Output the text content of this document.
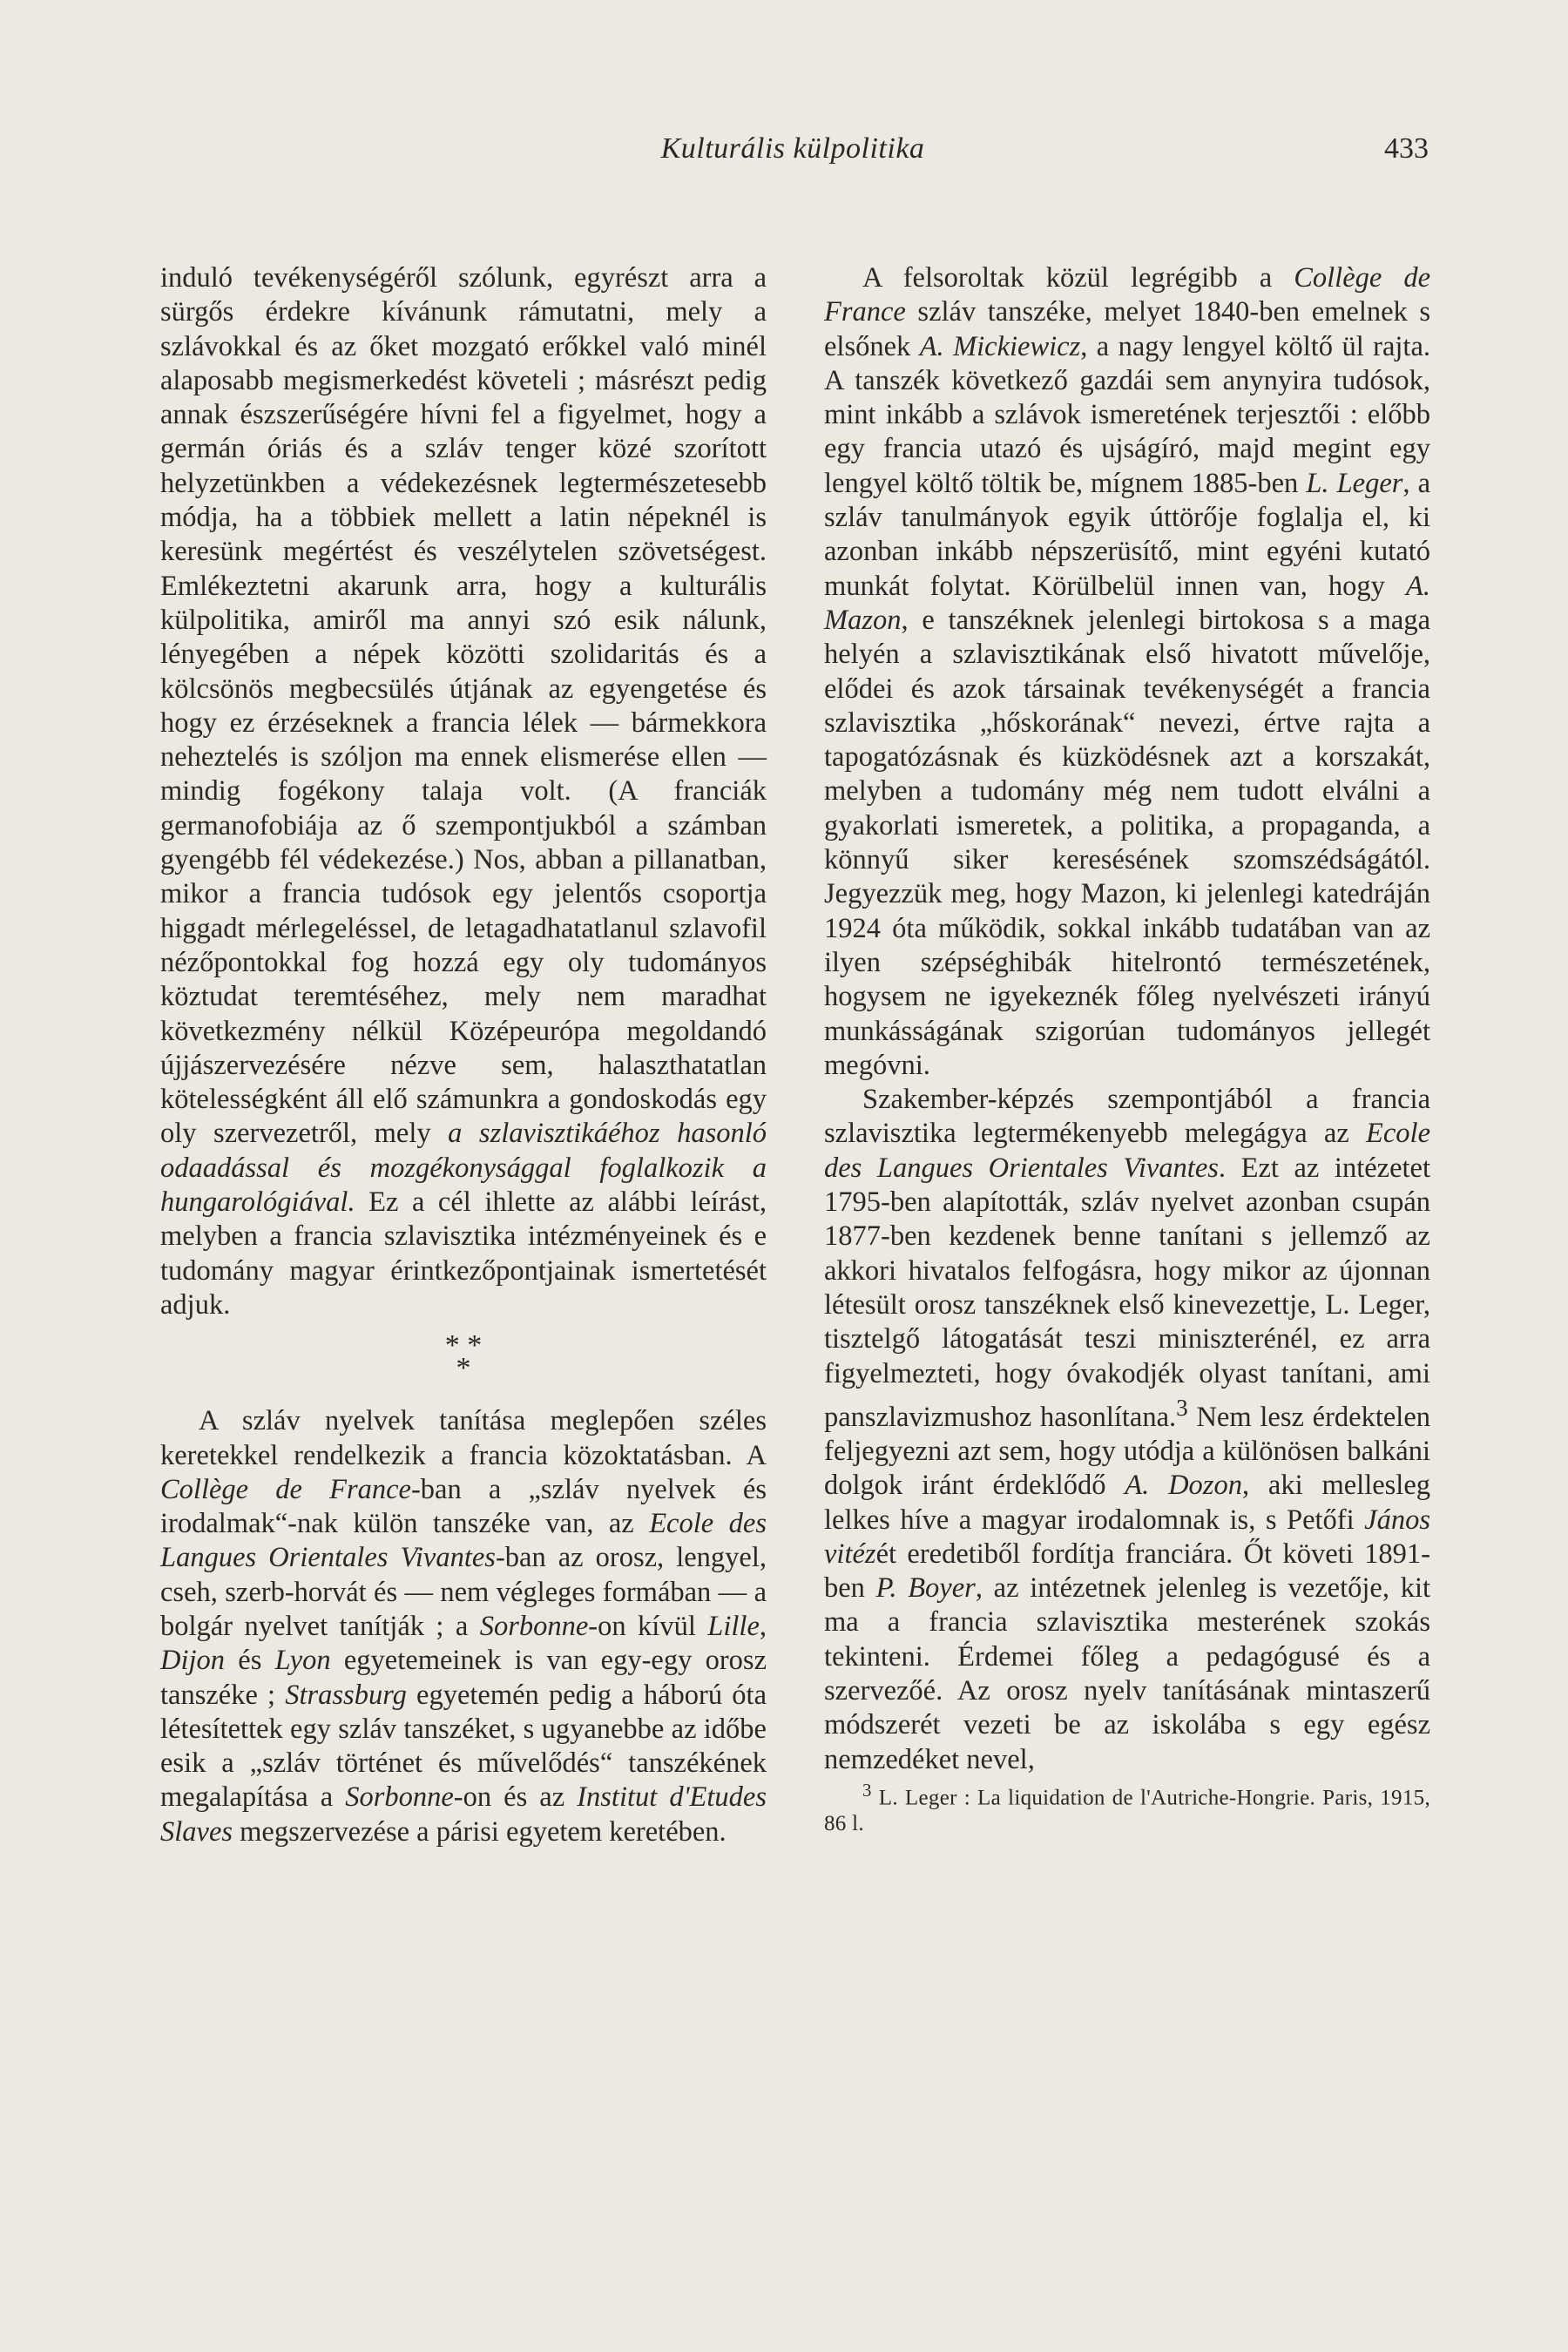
Kulturális külpolitika	433

induló tevékenységéről szólunk, egyrészt arra a sürgős érdekre kívánunk rámutatni, mely a szlávokkal és az őket mozgató erőkkel való minél alaposabb megismerkedést követeli ; másrészt pedig annak észszerűségére hívni fel a figyelmet, hogy a germán óriás és a szláv tenger közé szorított helyzetünkben a védekezésnek legtermészetesebb módja, ha a többiek mellett a latin népeknél is keresünk megértést és veszélytelen szövetségest. Emlékeztetni akarunk arra, hogy a kulturális külpolitika, amiről ma annyi szó esik nálunk, lényegében a népek közötti szolidaritás és a kölcsönös megbecsülés útjának az egyengetése és hogy ez érzéseknek a francia lélek — bármekkora neheztelés is szóljon ma ennek elismerése ellen — mindig fogékony talaja volt. (A franciák germanofobiája az ő szempontjukból a számban gyengébb fél védekezése.) Nos, abban a pillanatban, mikor a francia tudósok egy jelentős csoportja higgadt mérlegeléssel, de letagadhatatlanul szlavofil nézőpontokkal fog hozzá egy oly tudományos köztudat teremtéséhez, mely nem maradhat következmény nélkül Középeurópa megoldandó újjászervezésére nézve sem, halaszthatatlan kötelességként áll elő számunkra a gondoskodás egy oly szervezetről, mely a szlavisztikáéhoz hasonló odaadással és mozgékonysággal foglalkozik a hungarológiával. Ez a cél ihlette az alábbi leírást, melyben a francia szlavisztika intézményeinek és e tudomány magyar érintkezőpontjainak ismertetését adjuk.

* *
*

A szláv nyelvek tanítása meglepően széles keretekkel rendelkezik a francia közoktatásban. A Collège de France-ban a „szláv nyelvek és irodalmak“-nak külön tanszéke van, az Ecole des Langues Orientales Vivantes-ban az orosz, lengyel, cseh, szerb-horvát és — nem végleges formában — a bolgár nyelvet tanítják ; a Sorbonne-on kívül Lille, Dijon és Lyon egyetemeinek is van egy-egy orosz tanszéke ; Strassburg egyetemén pedig a háború óta létesítettek egy szláv tanszéket, s ugyanebbe az időbe esik a „szláv történet és művelődés“ tanszékének megalapítása a Sorbonne-on és az Institut d'Etudes Slaves megszervezése a párisi egyetem keretében.

A felsoroltak közül legrégibb a Collège de France szláv tanszéke, melyet 1840-ben emelnek s elsőnek A. Mickiewicz, a nagy lengyel költő ül rajta. A tanszék következő gazdái sem anynyira tudósok, mint inkább a szlávok ismeretének terjesztői : előbb egy francia utazó és ujságíró, majd megint egy lengyel költő töltik be, mígnem 1885-ben L. Leger, a szláv tanulmányok egyik úttörője foglalja el, ki azonban inkább népszerüsítő, mint egyéni kutató munkát folytat. Körülbelül innen van, hogy A. Mazon, e tanszéknek jelenlegi birtokosa s a maga helyén a szlavisztikának első hivatott művelője, elődei és azok társainak tevékenységét a francia szlavisztika „hőskorának“ nevezi, értve rajta a tapogatózásnak és küzködésnek azt a korszakát, melyben a tudomány még nem tudott elválni a gyakorlati ismeretek, a politika, a propaganda, a könnyű siker keresésének szomszédságától. Jegyezzük meg, hogy Mazon, ki jelenlegi katedráján 1924 óta működik, sokkal inkább tudatában van az ilyen szépséghibák hitelrontó természetének, hogysem ne igyekeznék főleg nyelvészeti irányú munkásságának szigorúan tudományos jellegét megóvni.

Szakember-képzés szempontjából a francia szlavisztika legtermékenyebb melegágya az Ecole des Langues Orientales Vivantes. Ezt az intézetet 1795-ben alapították, szláv nyelvet azonban csupán 1877-ben kezdenek benne tanítani s jellemző az akkori hivatalos felfogásra, hogy mikor az újonnan létesült orosz tanszéknek első kinevezettje, L. Leger, tisztelgő látogatását teszi miniszterénél, ez arra figyelmezteti, hogy óvakodjék olyast tanítani, ami panszlavizmushoz hasonlítana.$^3$ Nem lesz érdektelen feljegyezni azt sem, hogy utódja a különösen balkáni dolgok iránt érdeklődő A. Dozon, aki mellesleg lelkes híve a magyar irodalomnak is, s Petőfi János vitézét eredetiből fordítja franciára. Őt követi 1891-ben P. Boyer, az intézetnek jelenleg is vezetője, kit ma a francia szlavisztika mesterének szokás tekinteni. Érdemei főleg a pedagógusé és a szervezőé. Az orosz nyelv tanításának mintaszerű módszerét vezeti be az iskolába s egy egész nemzedéket nevel,

$^3$ L. Leger : La liquidation de l'Autriche-Hongrie. Paris, 1915, 86 l.
